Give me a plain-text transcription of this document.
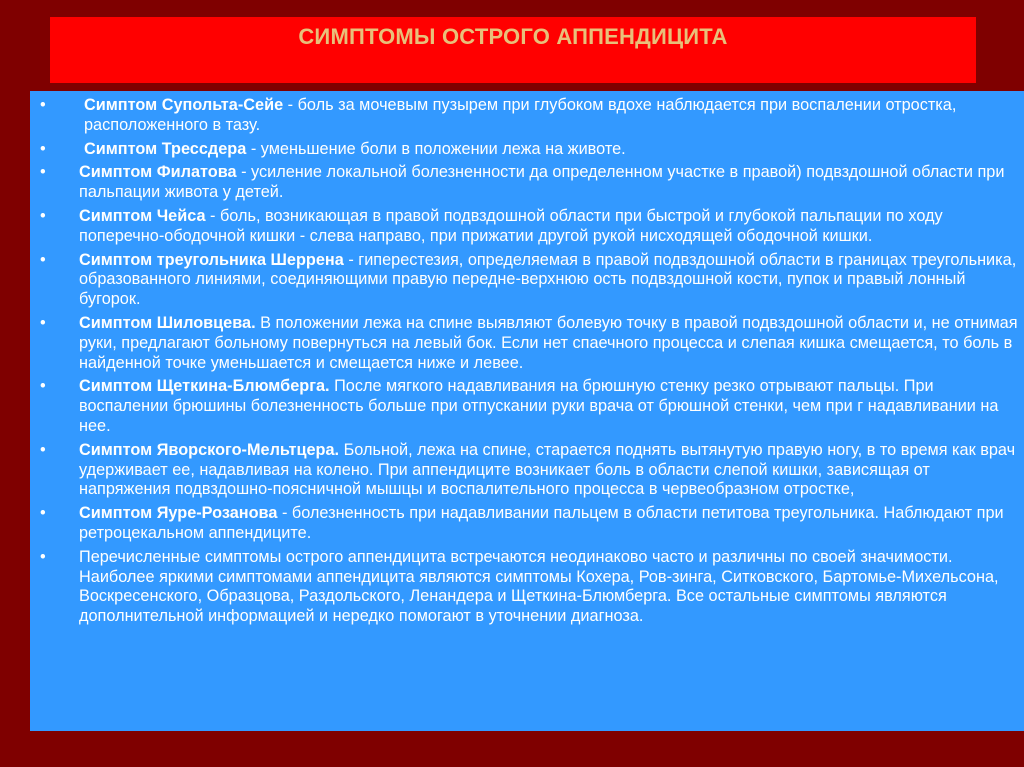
СИМПТОМЫ ОСТРОГО АППЕНДИЦИТА
• Симптом Супольта-Сейе - боль за мочевым пузырем при глубоком вдохе наблюдается при воспалении отростка, расположенного в тазу.
• Симптом Трессдера - уменьшение боли в положении лежа на животе.
• Симптом Филатова - усиление локальной болезненности да определенном участке в правой) подвздошной области при пальпации живота у детей.
• Симптом Чейса - боль, возникающая в правой подвздошной области при быстрой и глубокой пальпации по ходу поперечно-ободочной кишки - слева направо, при прижатии другой рукой нисходящей ободочной кишки.
• Симптом треугольника Шеррена - гиперестезия, определяемая в правой подвздошной области в границах треугольника, образованного линиями, соединяющими правую передне-верхнюю ость подвздошной кости, пупок и правый лонный бугорок.
• Симптом Шиловцева. В положении лежа на спине выявляют болевую точку в правой подвздошной области и, не отнимая руки, предлагают больному повернуться на левый бок. Если нет спаечного процесса и слепая кишка смещается, то боль в найденной точке уменьшается и смещается ниже и левее.
• Симптом Щеткина-Блюмберга. После мягкого надавливания на брюшную стенку резко отрывают пальцы. При воспалении брюшины болезненность больше при отпускании руки врача от брюшной стенки, чем при г надавливании на нее.
• Симптом Яворского-Мельтцера. Больной, лежа на спине, старается поднять вытянутую правую ногу, в то время как врач удерживает ее, надавливая на колено. При аппендиците возникает боль в области слепой кишки, зависящая от напряжения подвздошно-поясничной мышцы и воспалительного процесса в червеобразном отростке,
• Симптом Яуре-Розанова - болезненность при надавливании пальцем в области петитова треугольника. Наблюдают при ретроцекальном аппендиците.
• Перечисленные симптомы острого аппендицита встречаются неодинаково часто и различны по своей значимости. Наиболее яркими симптомами аппендицита являются симптомы Кохера, Ров-зинга, Ситковского, Бартомье-Михельсона, Воскресенского, Образцова, Раздольского, Ленандера и Щеткина-Блюмберга. Все остальные симптомы являются дополнительной информацией и нередко помогают в уточнении диагноза.
